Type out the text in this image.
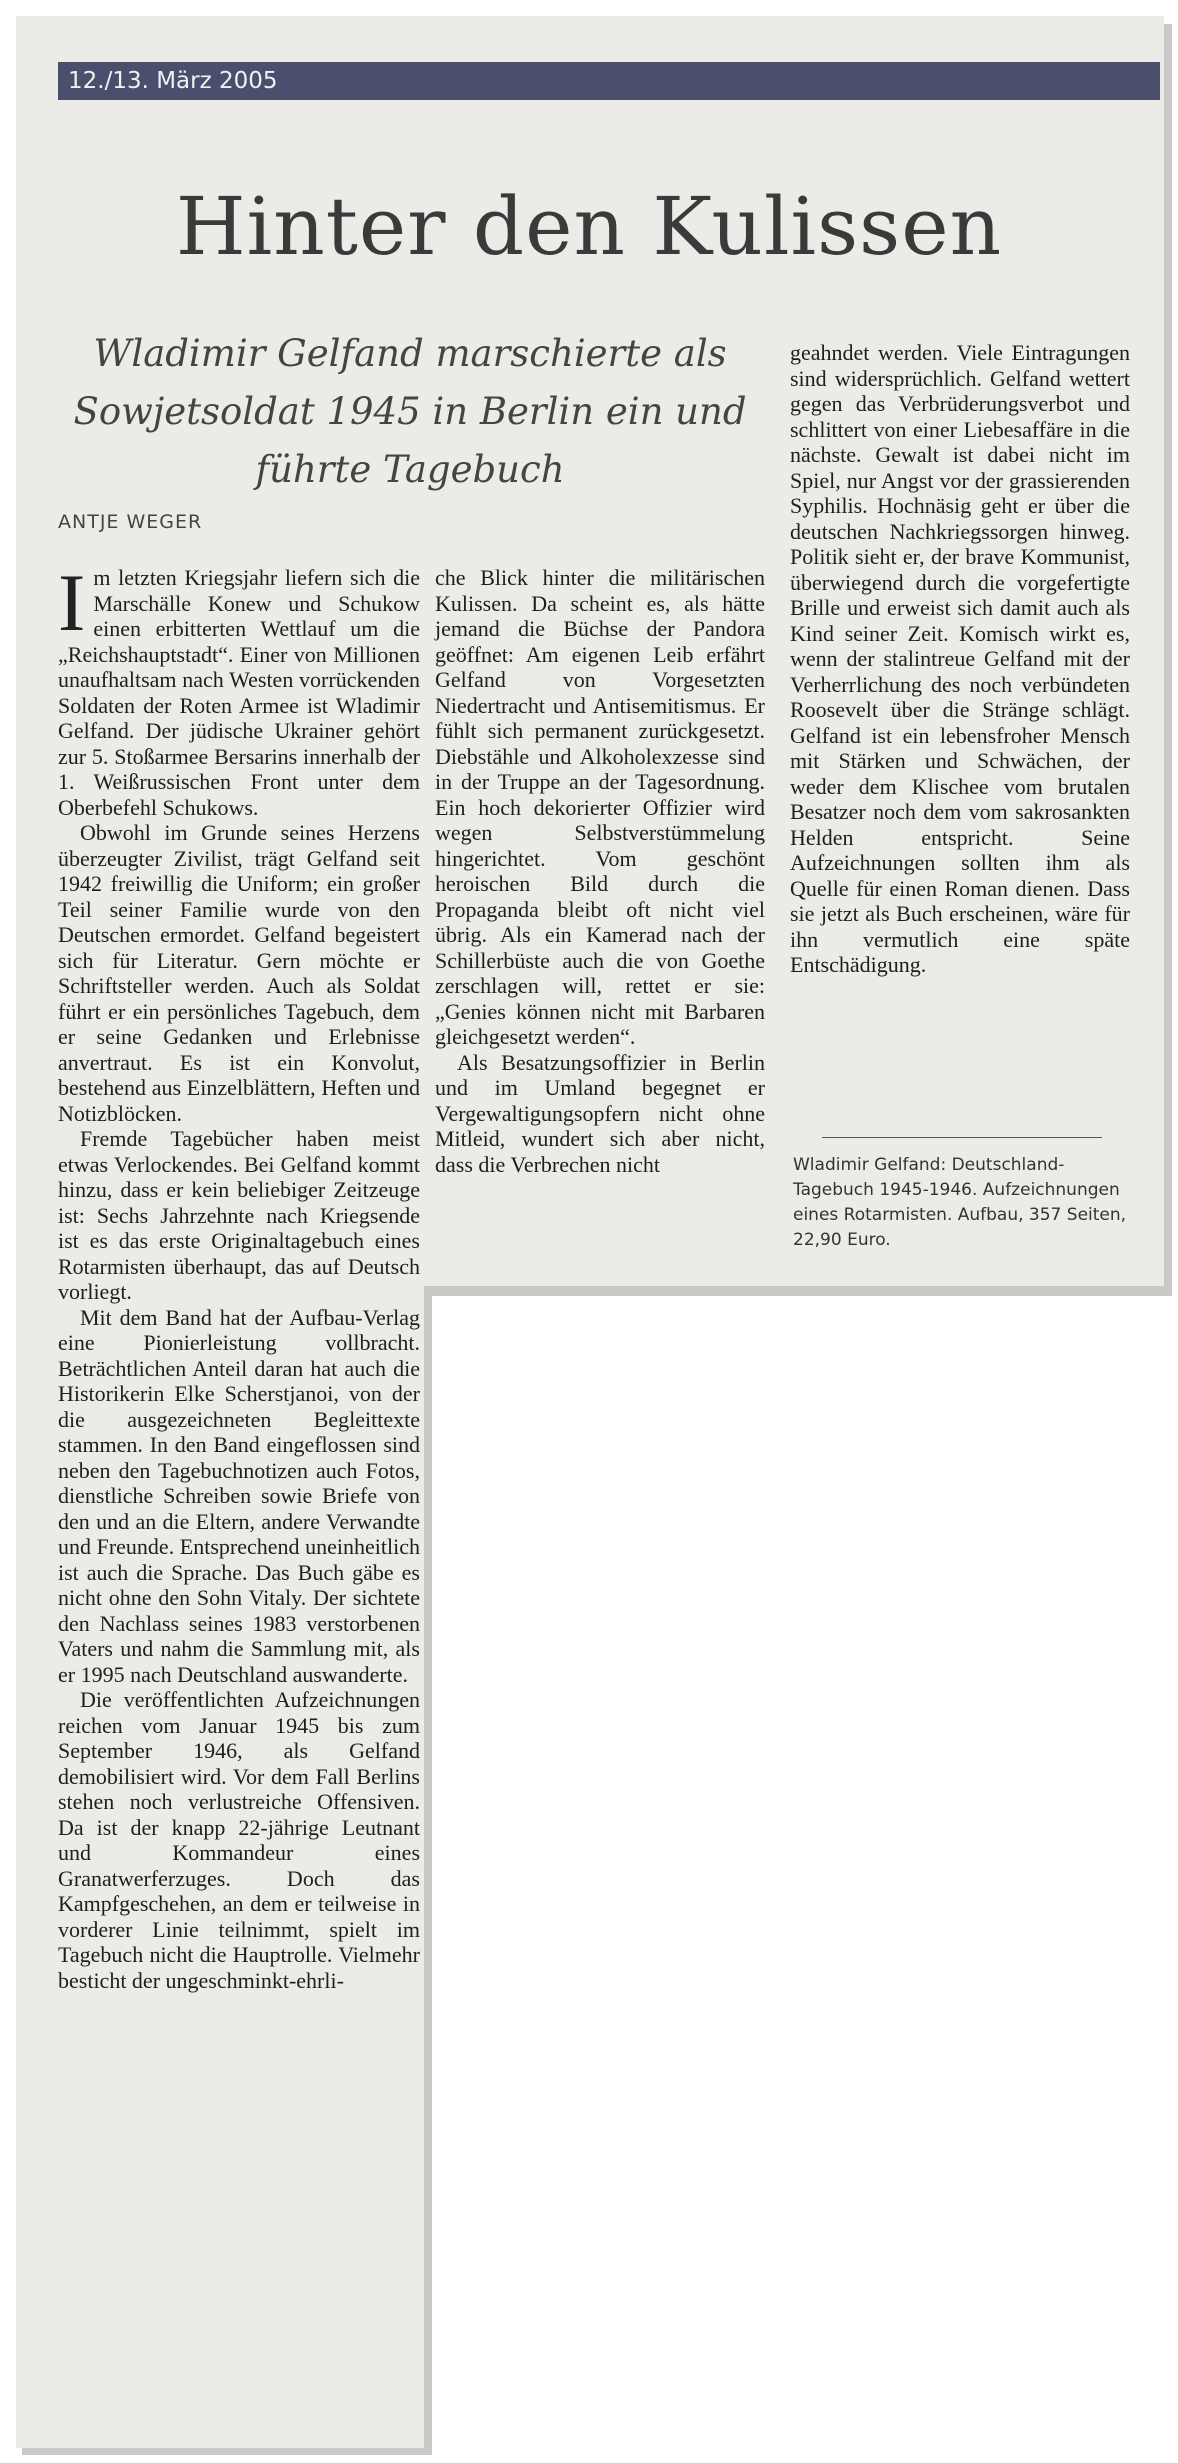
12./13. März 2005
Hinter den Kulissen
Wladimir Gelfand marschierte als Sowjetsoldat 1945 in Berlin ein und führte Tagebuch
ANTJE WEGER

Im letzten Kriegsjahr liefern sich die Marschälle Konew und Schukow einen erbitterten Wettlauf um die „Reichshauptstadt“. Einer von Millionen unaufhaltsam nach Westen vorrückenden Soldaten der Roten Armee ist Wladimir Gelfand. Der jüdische Ukrainer gehört zur 5. Stoßarmee Bersarins innerhalb der 1. Weißrussischen Front unter dem Oberbefehl Schukows.

Obwohl im Grunde seines Herzens überzeugter Zivilist, trägt Gelfand seit 1942 freiwillig die Uniform; ein großer Teil seiner Familie wurde von den Deutschen ermordet. Gelfand begeistert sich für Literatur. Gern möchte er Schriftsteller werden. Auch als Soldat führt er ein persönliches Tagebuch, dem er seine Gedanken und Erlebnisse anvertraut. Es ist ein Konvolut, bestehend aus Einzelblättern, Heften und Notizblöcken.

Fremde Tagebücher haben meist etwas Verlockendes. Bei Gelfand kommt hinzu, dass er kein beliebiger Zeitzeuge ist: Sechs Jahrzehnte nach Kriegsende ist es das erste Originaltagebuch eines Rotarmisten überhaupt, das auf Deutsch vorliegt.

Mit dem Band hat der Aufbau-Verlag eine Pionierleistung vollbracht. Beträchtlichen Anteil daran hat auch die Historikerin Elke Scherstjanoi, von der die ausgezeichneten Begleittexte stammen. In den Band eingeflossen sind neben den Tagebuchnotizen auch Fotos, dienstliche Schreiben sowie Briefe von den und an die Eltern, andere Verwandte und Freunde. Entsprechend uneinheitlich ist auch die Sprache. Das Buch gäbe es nicht ohne den Sohn Vitaly. Der sichtete den Nachlass seines 1983 verstorbenen Vaters und nahm die Sammlung mit, als er 1995 nach Deutschland auswanderte.

Die veröffentlichten Aufzeichnungen reichen vom Januar 1945 bis zum September 1946, als Gelfand demobilisiert wird. Vor dem Fall Berlins stehen noch verlustreiche Offensiven. Da ist der knapp 22-jährige Leutnant und Kommandeur eines Granatwerferzuges. Doch das Kampfgeschehen, an dem er teilweise in vorderer Linie teilnimmt, spielt im Tagebuch nicht die Hauptrolle. Vielmehr besticht der ungeschminkt-ehrli-

che Blick hinter die militärischen Kulissen. Da scheint es, als hätte jemand die Büchse der Pandora geöffnet: Am eigenen Leib erfährt Gelfand von Vorgesetzten Niedertracht und Antisemitismus. Er fühlt sich permanent zurückgesetzt. Diebstähle und Alkoholexzesse sind in der Truppe an der Tagesordnung. Ein hoch dekorierter Offizier wird wegen Selbstverstümmelung hingerichtet. Vom geschönt heroischen Bild durch die Propaganda bleibt oft nicht viel übrig. Als ein Kamerad nach der Schillerbüste auch die von Goethe zerschlagen will, rettet er sie: „Genies können nicht mit Barbaren gleichgesetzt werden“.

Als Besatzungsoffizier in Berlin und im Umland begegnet er Vergewaltigungsopfern nicht ohne Mitleid, wundert sich aber nicht, dass die Verbrechen nicht

geahndet werden. Viele Eintragungen sind widersprüchlich. Gelfand wettert gegen das Verbrüderungsverbot und schlittert von einer Liebesaffäre in die nächste. Gewalt ist dabei nicht im Spiel, nur Angst vor der grassierenden Syphilis. Hochnäsig geht er über die deutschen Nachkriegssorgen hinweg. Politik sieht er, der brave Kommunist, überwiegend durch die vorgefertigte Brille und erweist sich damit auch als Kind seiner Zeit. Komisch wirkt es, wenn der stalintreue Gelfand mit der Verherrlichung des noch verbündeten Roosevelt über die Stränge schlägt. Gelfand ist ein lebensfroher Mensch mit Stärken und Schwächen, der weder dem Klischee vom brutalen Besatzer noch dem vom sakrosankten Helden entspricht. Seine Aufzeichnungen sollten ihm als Quelle für einen Roman dienen. Dass sie jetzt als Buch erscheinen, wäre für ihn vermutlich eine späte Entschädigung.

Wladimir Gelfand: Deutschland-Tagebuch 1945-1946. Aufzeichnungen eines Rotarmisten. Aufbau, 357 Seiten, 22,90 Euro.
